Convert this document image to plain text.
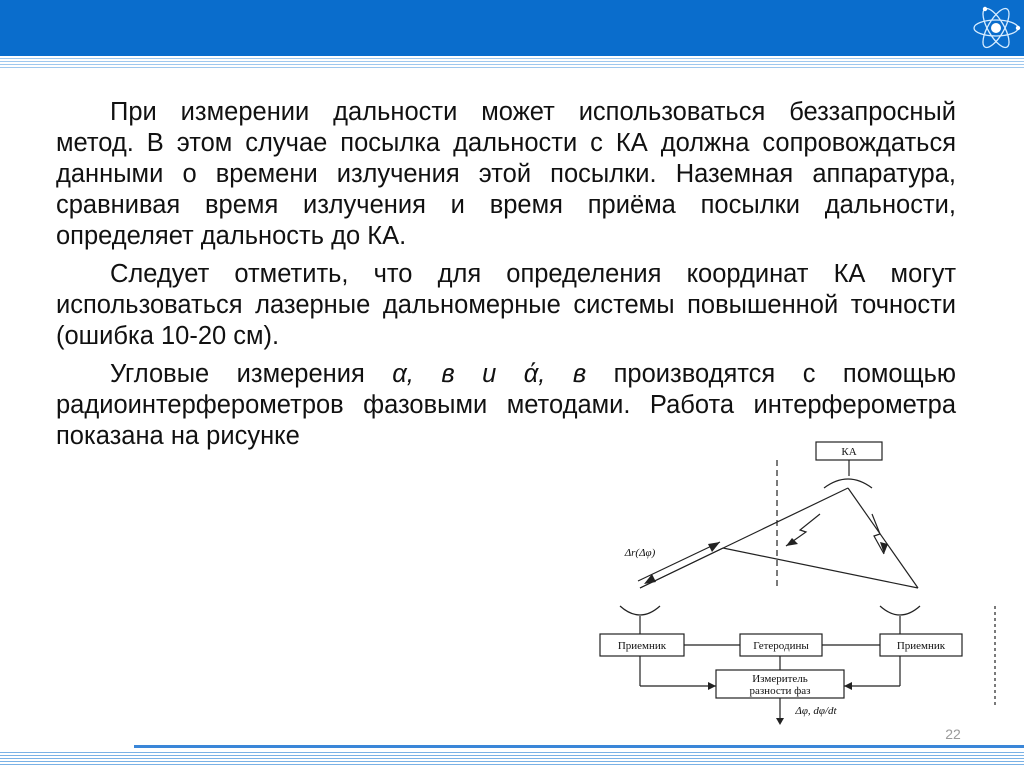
При измерении дальности может использоваться беззапросный метод. В этом случае посылка дальности с КА должна сопровождаться данными о времени излучения этой посылки. Наземная аппаратура, сравнивая время излучения и время приёма посылки дальности, определяет дальность до КА.

Следует отметить, что для определения координат КА могут использоваться лазерные дальномерные системы повышенной точности (ошибка 10-20 см).

Угловые измерения α, в и ά, в производятся с помощью радиоинтерферометров фазовыми методами. Работа интерферометра показана на рисунке

КА
Δr(Δφ)
Приемник	Гетеродины	Приемник
Измеритель
разности фаз
Δφ, dφ/dt
22
